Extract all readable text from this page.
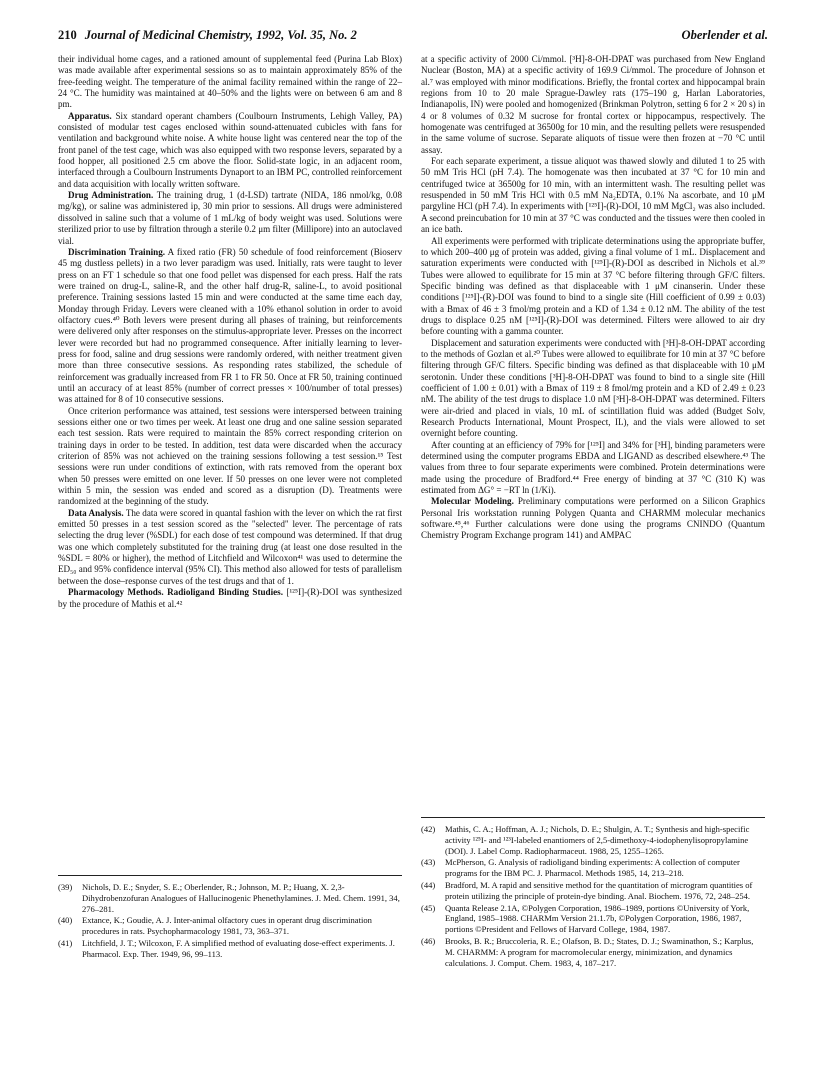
210 Journal of Medicinal Chemistry, 1992, Vol. 35, No. 2	Oberlender et al.

their individual home cages, and a rationed amount of supplemental feed (Purina Lab Blox) was made available after experimental sessions so as to maintain approximately 85% of the free-feeding weight. The temperature of the animal facility remained within the range of 22–24 °C. The humidity was maintained at 40–50% and the lights were on between 6 am and 8 pm.

Apparatus. Six standard operant chambers (Coulbourn Instruments, Lehigh Valley, PA) consisted of modular test cages enclosed within sound-attenuated cubicles with fans for ventilation and background white noise. A white house light was centered near the top of the front panel of the test cage, which was also equipped with two response levers, separated by a food hopper, all positioned 2.5 cm above the floor. Solid-state logic, in an adjacent room, interfaced through a Coulbourn Instruments Dynaport to an IBM PC, controlled reinforcement and data acquisition with locally written software.

Drug Administration. The training drug, 1 (d-LSD) tartrate (NIDA, 186 nmol/kg, 0.08 mg/kg), or saline was administered ip, 30 min prior to sessions. All drugs were administered dissolved in saline such that a volume of 1 mL/kg of body weight was used. Solutions were sterilized prior to use by filtration through a sterile 0.2 μm filter (Millipore) into an autoclaved vial.

Discrimination Training. A fixed ratio (FR) 50 schedule of food reinforcement (Bioserv 45 mg dustless pellets) in a two lever paradigm was used. Initially, rats were taught to lever press on an FT 1 schedule so that one food pellet was dispensed for each press. Half the rats were trained on drug-L, saline-R, and the other half drug-R, saline-L, to avoid positional preference. Training sessions lasted 15 min and were conducted at the same time each day, Monday through Friday. Levers were cleaned with a 10% ethanol solution in order to avoid olfactory cues.⁴⁰ Both levers were present during all phases of training, but reinforcements were delivered only after responses on the stimulus-appropriate lever. Presses on the incorrect lever were recorded but had no programmed consequence. After initially learning to lever-press for food, saline and drug sessions were randomly ordered, with neither treatment given more than three consecutive sessions. As responding rates stabilized, the schedule of reinforcement was gradually increased from FR 1 to FR 50. Once at FR 50, training continued until an accuracy of at least 85% (number of correct presses × 100/number of total presses) was attained for 8 of 10 consecutive sessions.

Once criterion performance was attained, test sessions were interspersed between training sessions either one or two times per week. At least one drug and one saline session separated each test session. Rats were required to maintain the 85% correct responding criterion on training days in order to be tested. In addition, test data were discarded when the accuracy criterion of 85% was not achieved on the training sessions following a test session.¹⁵ Test sessions were run under conditions of extinction, with rats removed from the operant box when 50 presses were emitted on one lever. If 50 presses on one lever were not completed within 5 min, the session was ended and scored as a disruption (D). Treatments were randomized at the beginning of the study.

Data Analysis. The data were scored in quantal fashion with the lever on which the rat first emitted 50 presses in a test session scored as the "selected" lever. The percentage of rats selecting the drug lever (%SDL) for each dose of test compound was determined. If that drug was one which completely substituted for the training drug (at least one dose resulted in the %SDL = 80% or higher), the method of Litchfield and Wilcoxon⁴¹ was used to determine the ED₅₀ and 95% confidence interval (95% CI). This method also allowed for tests of parallelism between the dose–response curves of the test drugs and that of 1.

Pharmacology Methods. Radioligand Binding Studies. [¹²⁵I]-(R)-DOI was synthesized by the procedure of Mathis et al.⁴²

at a specific activity of 2000 Ci/mmol. [³H]-8-OH-DPAT was purchased from New England Nuclear (Boston, MA) at a specific activity of 169.9 Ci/mmol. The procedure of Johnson et al.⁷ was employed with minor modifications. Briefly, the frontal cortex and hippocampal brain regions from 10 to 20 male Sprague-Dawley rats (175–190 g, Harlan Laboratories, Indianapolis, IN) were pooled and homogenized (Brinkman Polytron, setting 6 for 2 × 20 s) in 4 or 8 volumes of 0.32 M sucrose for frontal cortex or hippocampus, respectively. The homogenate was centrifuged at 36500g for 10 min, and the resulting pellets were resuspended in the same volume of sucrose. Separate aliquots of tissue were then frozen at −70 °C until assay.

For each separate experiment, a tissue aliquot was thawed slowly and diluted 1 to 25 with 50 mM Tris HCl (pH 7.4). The homogenate was then incubated at 37 °C for 10 min and centrifuged twice at 36500g for 10 min, with an intermittent wash. The resulting pellet was resuspended in 50 mM Tris HCl with 0.5 mM Na₂EDTA, 0.1% Na ascorbate, and 10 μM pargyline HCl (pH 7.4). In experiments with [¹²⁵I]-(R)-DOI, 10 mM MgCl₂ was also included. A second preincubation for 10 min at 37 °C was conducted and the tissues were then cooled in an ice bath.

All experiments were performed with triplicate determinations using the appropriate buffer, to which 200–400 μg of protein was added, giving a final volume of 1 mL. Displacement and saturation experiments were conducted with [¹²⁵I]-(R)-DOI as described in Nichols et al.³⁹ Tubes were allowed to equilibrate for 15 min at 37 °C before filtering through GF/C filters. Specific binding was defined as that displaceable with 1 μM cinanserin. Under these conditions [¹²⁵I]-(R)-DOI was found to bind to a single site (Hill coefficient of 0.99 ± 0.03) with a Bmax of 46 ± 3 fmol/mg protein and a KD of 1.34 ± 0.12 nM. The ability of the test drugs to displace 0.25 nM [¹²⁵I]-(R)-DOI was determined. Filters were allowed to air dry before counting with a gamma counter.

Displacement and saturation experiments were conducted with [³H]-8-OH-DPAT according to the methods of Gozlan et al.²⁰ Tubes were allowed to equilibrate for 10 min at 37 °C before filtering through GF/C filters. Specific binding was defined as that displaceable with 10 μM serotonin. Under these conditions [³H]-8-OH-DPAT was found to bind to a single site (Hill coefficient of 1.00 ± 0.01) with a Bmax of 119 ± 8 fmol/mg protein and a KD of 2.49 ± 0.23 nM. The ability of the test drugs to displace 1.0 nM [³H]-8-OH-DPAT was determined. Filters were air-dried and placed in vials, 10 mL of scintillation fluid was added (Budget Solv, Research Products International, Mount Prospect, IL), and the vials were allowed to set overnight before counting.

After counting at an efficiency of 79% for [¹²⁵I] and 34% for [³H], binding parameters were determined using the computer programs EBDA and LIGAND as described elsewhere.⁴³ The values from three to four separate experiments were combined. Protein determinations were made using the procedure of Bradford.⁴⁴ Free energy of binding at 37 °C (310 K) was estimated from ΔG° = −RT ln (1/Ki).

Molecular Modeling. Preliminary computations were performed on a Silicon Graphics Personal Iris workstation running Polygen Quanta and CHARMM molecular mechanics software.⁴⁵,⁴⁶ Further calculations were done using the programs CNINDO (Quantum Chemistry Program Exchange program 141) and AMPAC

(39)	Nichols, D. E.; Snyder, S. E.; Oberlender, R.; Johnson, M. P.; Huang, X. 2,3-Dihydrobenzofuran Analogues of Hallucinogenic Phenethylamines. J. Med. Chem. 1991, 34, 276–281.
(40)	Extance, K.; Goudie, A. J. Inter-animal olfactory cues in operant drug discrimination procedures in rats. Psychopharmacology 1981, 73, 363–371.
(41)	Litchfield, J. T.; Wilcoxon, F. A simplified method of evaluating dose-effect experiments. J. Pharmacol. Exp. Ther. 1949, 96, 99–113.
(42)	Mathis, C. A.; Hoffman, A. J.; Nichols, D. E.; Shulgin, A. T.; Synthesis and high-specific activity ¹²⁵I- and ¹²³I-labeled enantiomers of 2,5-dimethoxy-4-iodophenylisopropylamine (DOI). J. Label Comp. Radiopharmaceut. 1988, 25, 1255–1265.
(43)	McPherson, G. Analysis of radioligand binding experiments: A collection of computer programs for the IBM PC. J. Pharmacol. Methods 1985, 14, 213–218.
(44)	Bradford, M. A rapid and sensitive method for the quantitation of microgram quantities of protein utilizing the principle of protein-dye binding. Anal. Biochem. 1976, 72, 248–254.
(45)	Quanta Release 2.1A, ©Polygen Corporation, 1986–1989, portions ©University of York, England, 1985–1988. CHARMm Version 21.1.7b, ©Polygen Corporation, 1986, 1987, portions ©President and Fellows of Harvard College, 1984, 1987.
(46)	Brooks, B. R.; Bruccoleria, R. E.; Olafson, B. D.; States, D. J.; Swaminathon, S.; Karplus, M. CHARMM: A program for macromolecular energy, minimization, and dynamics calculations. J. Comput. Chem. 1983, 4, 187–217.
